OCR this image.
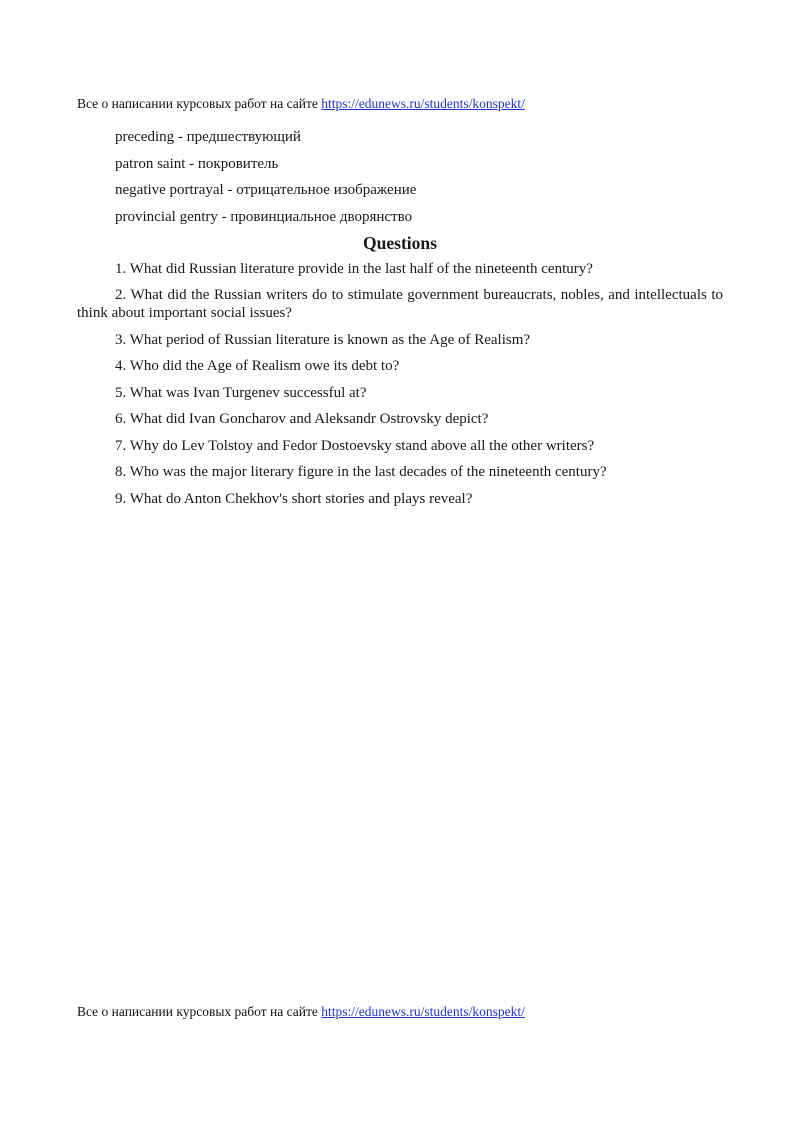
Все о написании курсовых работ на сайте https://edunews.ru/students/konspekt/
preceding - предшествующий
patron saint - покровитель
negative portrayal - отрицательное изображение
provincial gentry - провинциальное дворянство
Questions
1. What did Russian literature provide in the last half of the nineteenth century?
2. What did the Russian writers do to stimulate government bureaucrats, nobles, and intellectuals to think about important social issues?
3. What period of Russian literature is known as the Age of Realism?
4. Who did the Age of Realism owe its debt to?
5. What was Ivan Turgenev successful at?
6. What did Ivan Goncharov and Aleksandr Ostrovsky depict?
7. Why do Lev Tolstoy and Fedor Dostoevsky stand above all the other writers?
8. Who was the major literary figure in the last decades of the nineteenth century?
9. What do Anton Chekhov's short stories and plays reveal?
Все о написании курсовых работ на сайте https://edunews.ru/students/konspekt/
